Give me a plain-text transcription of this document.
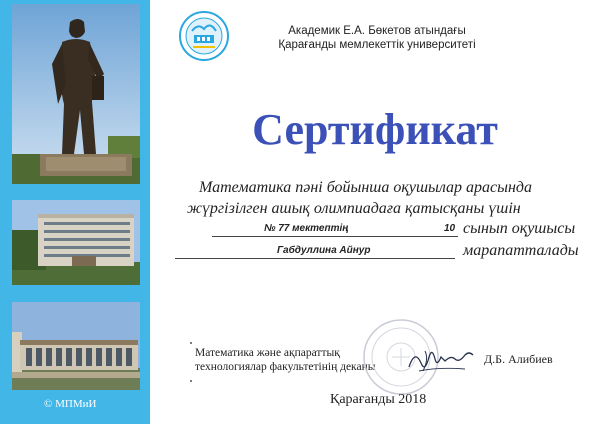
© МПМиИ
Академик Е.А. Бөкетов атындағы
Қарағанды мемлекеттік университеті
Сертификат
Математика пәні бойынша оқушылар арасында
жүргізілген ашық олимпиадаға қатысқаны үшін
№ 77 мектептің	10 сынып оқушысы
Габдуллина Айнур	марапатталады
Математика және ақпараттық
технологиялар факультетінің деканы
Д.Б. Алибиев
Қарағанды 2018
